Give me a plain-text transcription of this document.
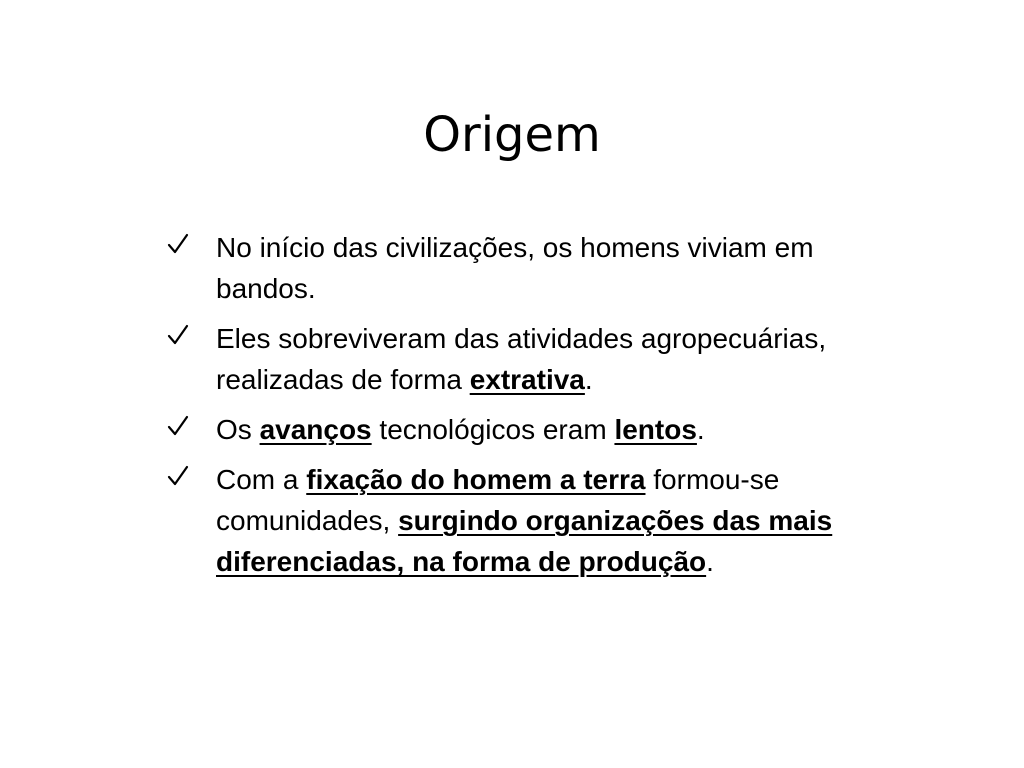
Origem
No início das civilizações, os homens viviam em bandos.
Eles sobreviveram das atividades agropecuárias, realizadas de forma extrativa.
Os avanços tecnológicos eram lentos.
Com a fixação do homem a terra formou-se comunidades, surgindo organizações das mais diferenciadas, na forma de produção.
